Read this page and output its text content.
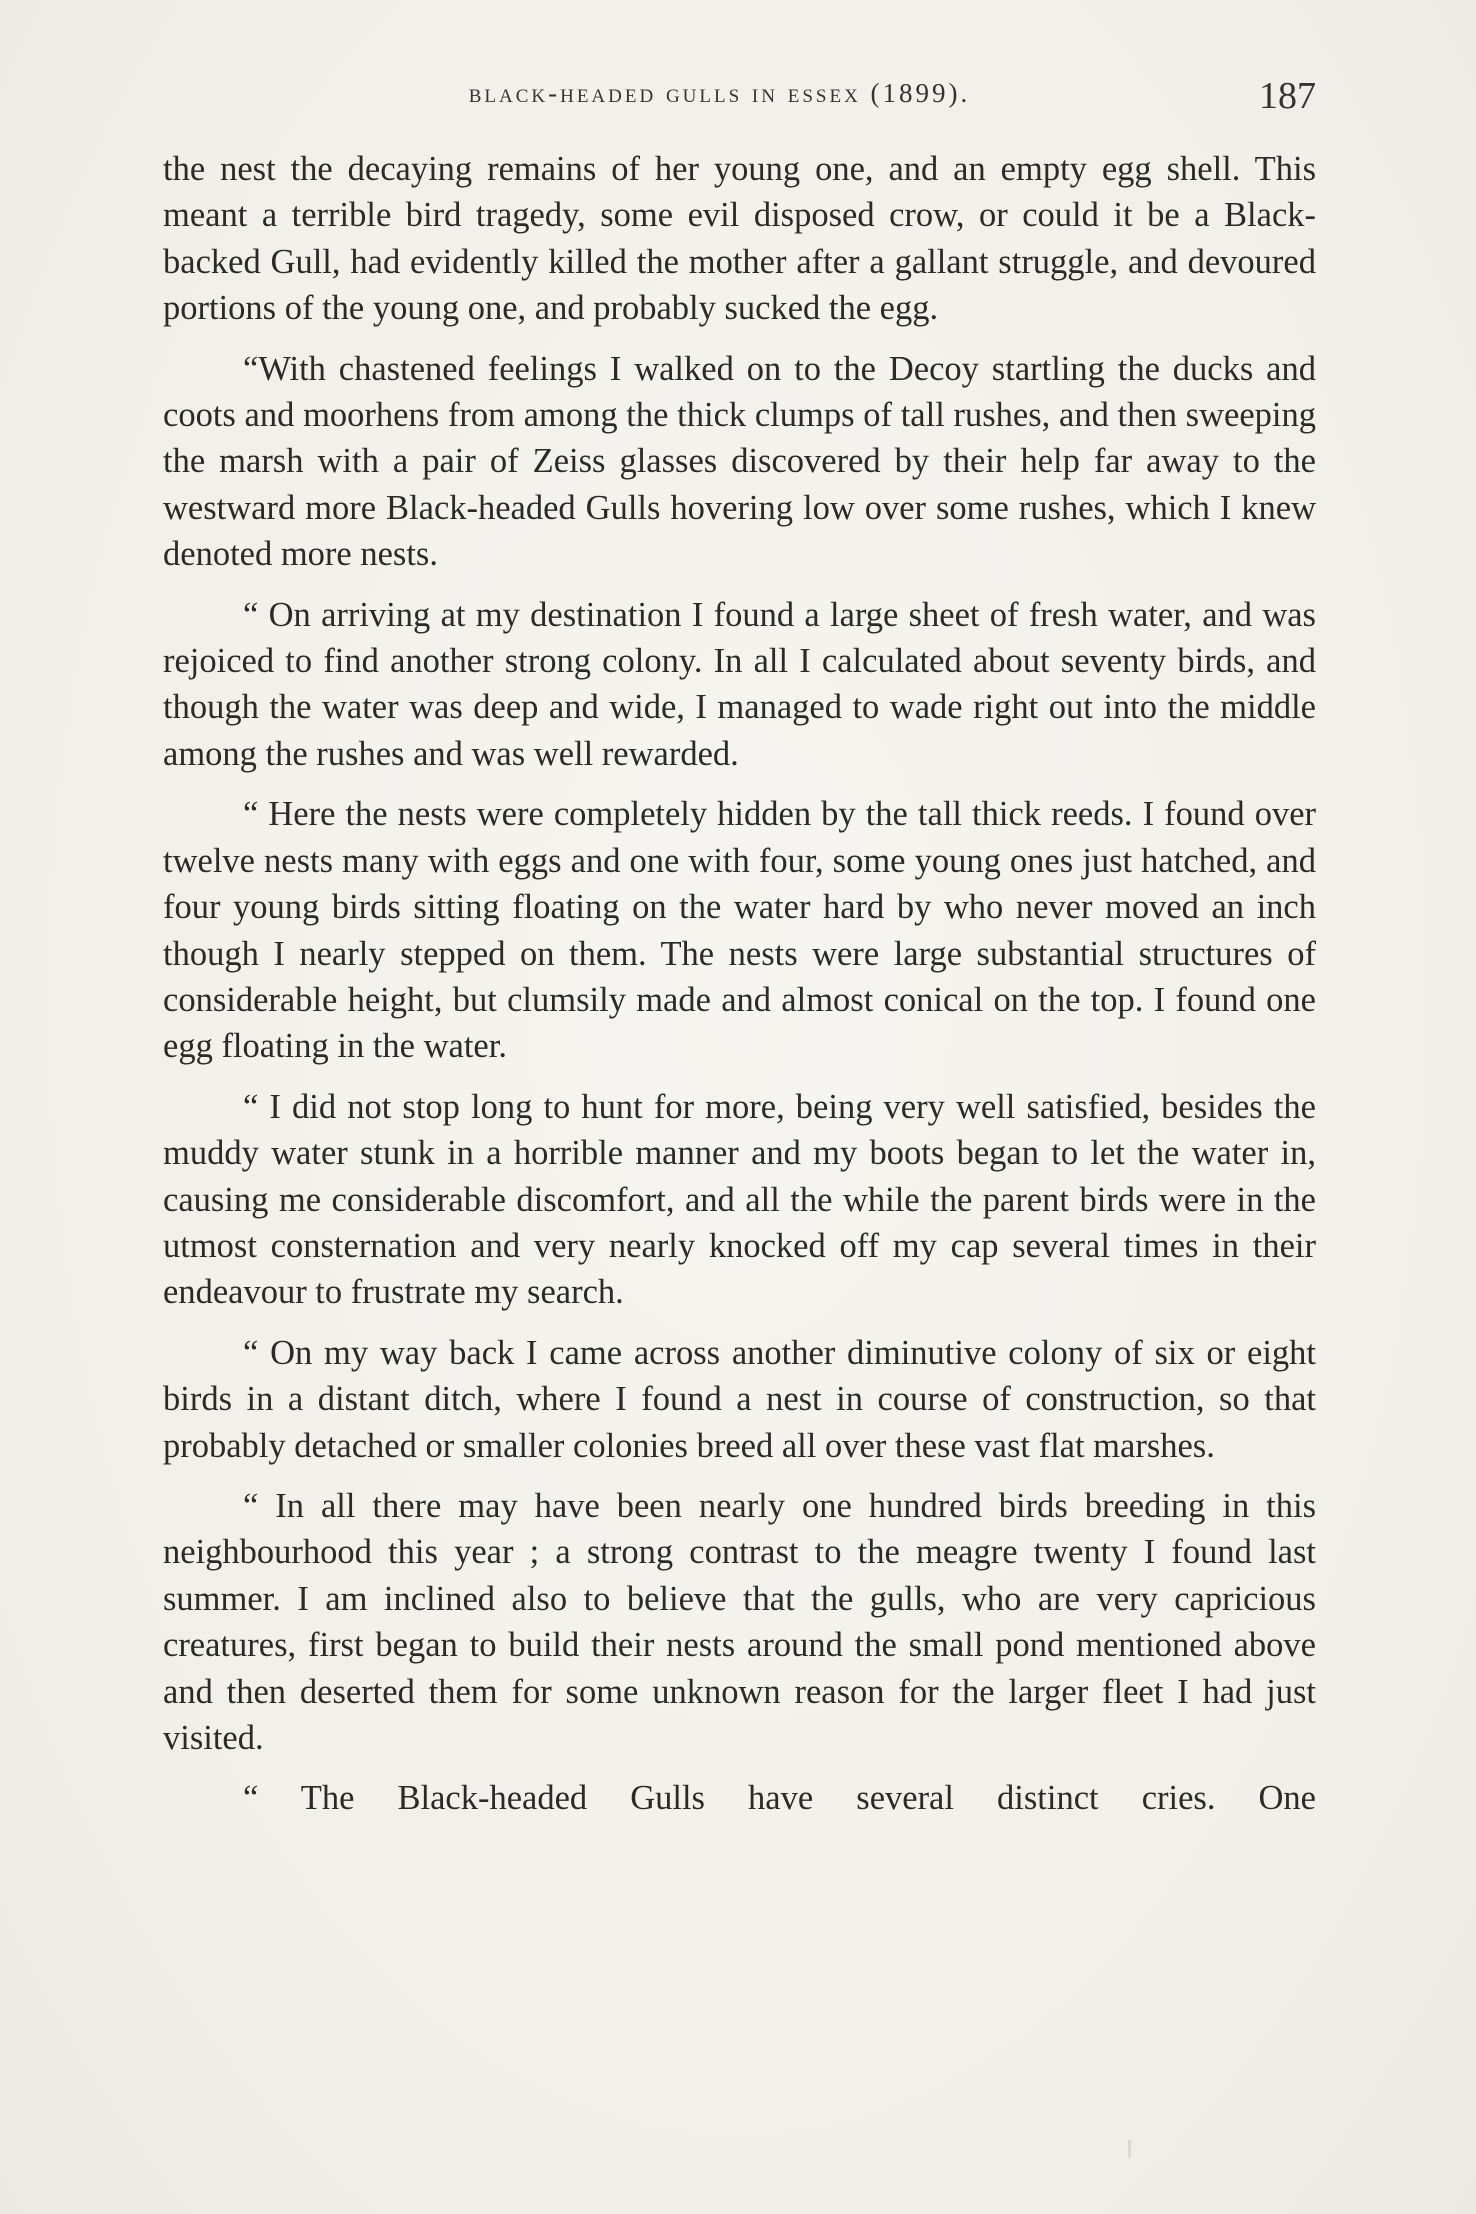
black-headed gulls in essex (1899).	187

the nest the decaying remains of her young one, and an empty egg shell. This meant a terrible bird tragedy, some evil disposed crow, or could it be a Black-backed Gull, had evidently killed the mother after a gallant struggle, and devoured portions of the young one, and probably sucked the egg.

“With chastened feelings I walked on to the Decoy startling the ducks and coots and moorhens from among the thick clumps of tall rushes, and then sweeping the marsh with a pair of Zeiss glasses discovered by their help far away to the westward more Black-headed Gulls hovering low over some rushes, which I knew denoted more nests.

“ On arriving at my destination I found a large sheet of fresh water, and was rejoiced to find another strong colony. In all I calculated about seventy birds, and though the water was deep and wide, I managed to wade right out into the middle among the rushes and was well rewarded.

“ Here the nests were completely hidden by the tall thick reeds. I found over twelve nests many with eggs and one with four, some young ones just hatched, and four young birds sitting floating on the water hard by who never moved an inch though I nearly stepped on them. The nests were large substantial structures of considerable height, but clumsily made and almost conical on the top. I found one egg floating in the water.

“ I did not stop long to hunt for more, being very well satisfied, besides the muddy water stunk in a horrible manner and my boots began to let the water in, causing me considerable discomfort, and all the while the parent birds were in the utmost consternation and very nearly knocked off my cap several times in their endeavour to frustrate my search.

“ On my way back I came across another diminutive colony of six or eight birds in a distant ditch, where I found a nest in course of construction, so that probably detached or smaller colonies breed all over these vast flat marshes.

“ In all there may have been nearly one hundred birds breeding in this neighbourhood this year ; a strong contrast to the meagre twenty I found last summer. I am inclined also to believe that the gulls, who are very capricious creatures, first began to build their nests around the small pond mentioned above and then deserted them for some unknown reason for the larger fleet I had just visited.

“ The Black-headed Gulls have several distinct cries. One
